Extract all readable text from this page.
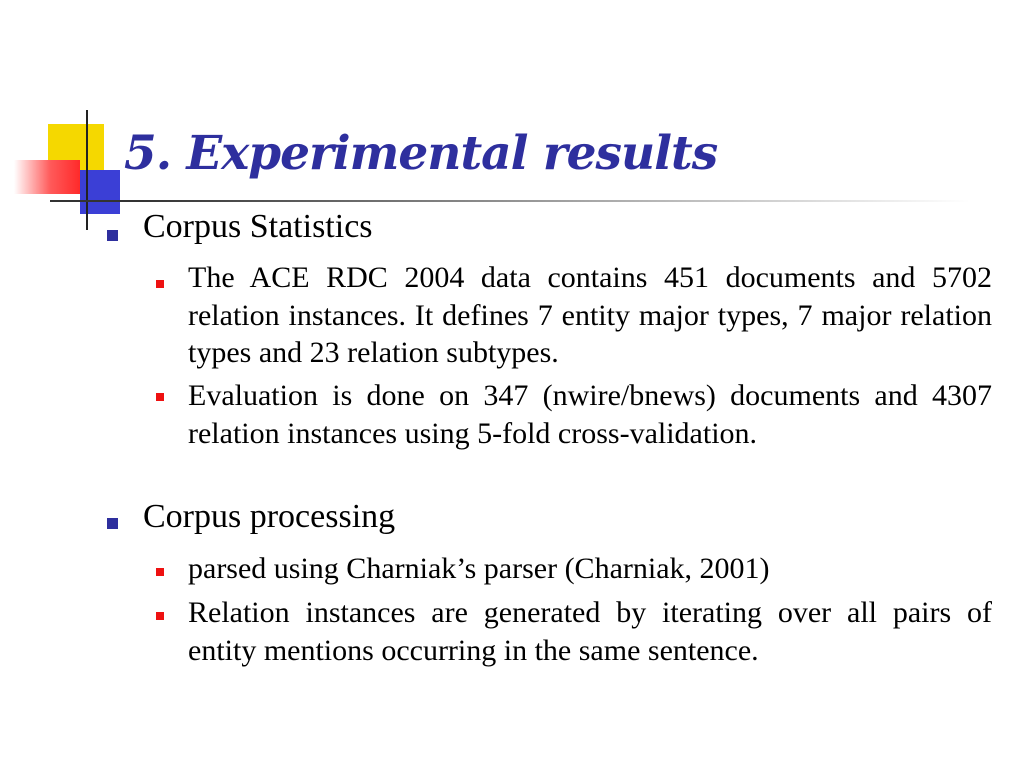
5. Experimental results
Corpus Statistics
The ACE RDC 2004 data contains 451 documents and 5702 relation instances. It defines 7 entity major types, 7 major relation types and 23 relation subtypes.
Evaluation is done on 347 (nwire/bnews) documents and 4307 relation instances using 5-fold cross-validation.
Corpus processing
parsed using Charniak’s parser (Charniak, 2001)
Relation instances are generated by iterating over all pairs of entity mentions occurring in the same sentence.
